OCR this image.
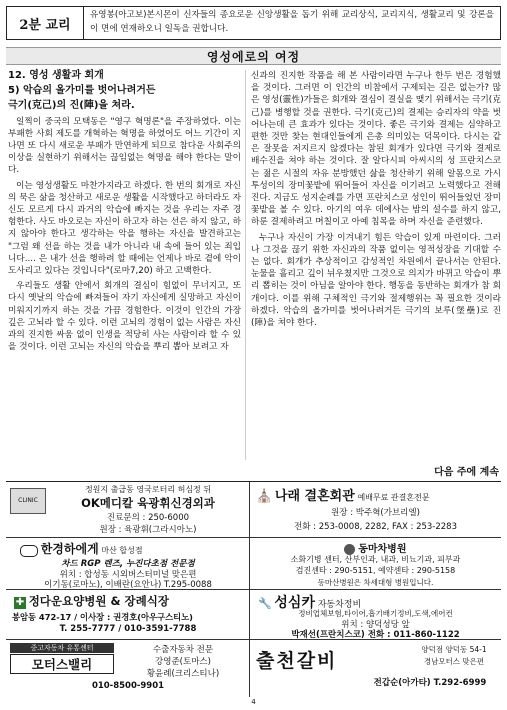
2분 교리
유영봉(아고보)본시몬이 신자들의 종요로운 신앙생활을 돕기 위해 교리상식, 교리지식, 생활교리 및 강론을 이 면에 연재하오니 일독을 권합니다.
영성에로의 여정

12. 영성 생활과 회개

5) 악습의 올가미를 벗어나려거든

극기(克己)의 진(陣)을 쳐라.

일찍이 중국의 모택동은 "영구 혁명론"을 주장하였다. 이는 부패한 사회 제도를 개혁하는 혁명을 하였어도 어느 기간이 지나면 또 다시 새로운 부패가 만연하게 되므로 참다운 사회주의 이상을 실현하기 위해서는 끊임없는 혁명을 해야 한다는 말이다.

이는 영성생활도 마찬가지라고 하겠다. 한 번의 회개로 자신의 묵은 삶을 청산하고 새로운 생활을 시작했다고 하더라도 자신도 모르게 다시 과거의 악습에 빠지는 것을 우리는 자주 경험한다. 사도 바오로는 자신이 하고자 하는 선은 하지 않고, 하지 않아야 한다고 생각하는 악을 행하는 자신을 발견하고는 "그럼 왜 선을 하는 것을 내가 아니라 내 속에 들어 있는 죄입니다.... 은 내가 선을 행하려 할 때에는 언제나 바로 곁에 악이 도사리고 있다는 것입니다"(로마7,20) 하고 고백한다.

우리들도 생활 안에서 회개의 결심이 힘없이 무너지고, 또 다시 옛날의 악습에 빠져들어 자기 자신에게 실망하고 자신이 미워지기까지 하는 것을 가끔 경험한다. 이것이 인간의 가장 깊은 고뇌라 할 수 있다. 이런 고뇌의 경험이 없는 사람은 자신과의 진지한 싸움 없이 인생을 적당히 사는 사람이라 할 수 있을 것이다. 이런 고뇌는 자신의 악습을 뿌리 뽑아 보려고 자

신과의 진지한 작품을 해 본 사람이라면 누구나 한두 번은 경험했을 것이다. 그러면 이 인간의 비참에서 구제되는 길은 없는가? 많은 영성(靈性)가들은 회개와 결심이 결실을 맺기 위해서는 극기(克己)를 병행할 것을 권한다. 극기(克己)의 결제는 승리자의 약을 벗어나는데 큰 효과가 있다는 것이다. 좋은 극기와 결제는 심약하고 편한 것만 찾는 현대인들에게 은총 의미있는 덕목이다. 다시는 같은 잘못을 저지르지 않겠다는 참된 회개가 있다면 극기와 결제로 배수진을 쳐야 하는 것이다. 잘 알다시피 아씨시의 성 프란치스코는 젊은 시절의 자유 분방했던 삶을 청산하기 위해 알몸으로 가시투성이의 장미꽃밭에 뛰어들어 자신을 이기려고 노력했다고 전해진다. 지금도 성지순례를 가면 프란치스코 성인이 뛰어들었던 장미꽃밭을 볼 수 있다. 아기의 여우 데에사는 밤의 설수를 하지 않고, 하룬 결제하려고 며칠이고 아예 침목을 하며 자신을 준련했다.

누구나 자신이 가장 이겨내기 힘든 악습이 있게 마련이다. 그러나 그것을 끊기 위한 자신과의 작품 없이는 영적성장을 기대할 수는 없다. 회개가 추상적이고 감성적인 차원에서 끝나서는 안된다. 눈물을 흘리고 깊이 뉘우쳤지만 그것으로 의지가 바뀌고 악습이 뿌리 뽑히는 것이 아님을 알아야 한다. 행동을 동반하는 회개가 참 회개이다. 이를 위해 구체적인 극기와 절제행위는 꼭 필요한 것이라 하겠다. 악습의 올가미를 벗어나려거든 극기의 보루(堡壘)로 진(陣)을 쳐야 한다.

다음 주에 계속
CLINIC
정원지 출급동 영국로터리 허심정 뒤
OK메디칼 육광휘신경외과
진료문의 : 250-6000
원장 : 육광휘(그라시아노)
⛪ 나래 결혼회관 예배무료 관결혼전문
원장 : 박주혁(가브리엘)
전화 : 253-0008, 2282, FAX : 253-2283
한경하에게 마산 합성점
차드 RGP 렌즈, 누진다초점 전문점
위치 : 합성동 시외버스터미널 맞은편
이기동(로마노), 이배란(요안나) T.295-0088
동마차병원
소화기병 센터, 산부인과, 내과, 비뇨기과, 피부과
검진센타 : 290-5151, 예약센타 : 290-5158
동마산병원은 차세대형 병원입니다.
✚ 정다운요양병원 & 장례식장
봉암동 472-17 / 이사장 : 권경호(아우구스티노)
T. 255-7777 / 010-3591-7788
🔧 성심카 자동차정비
정비업체보험,타이어,흡기배기정비,도색,에어컨
위치 : 양덕성당 앞
박재선(프란치스코) 전화 : 011-860-1122
중고자동차 유통센터
모터스밸리
수출자동차 전문
강영준(토마스)
황윤례(크리스티나)
010-8500-9901
출천갈비
양덕점 양덕동 54-1
경남모터스 맞은편
전갑순(아가타) T.292-6999
4
